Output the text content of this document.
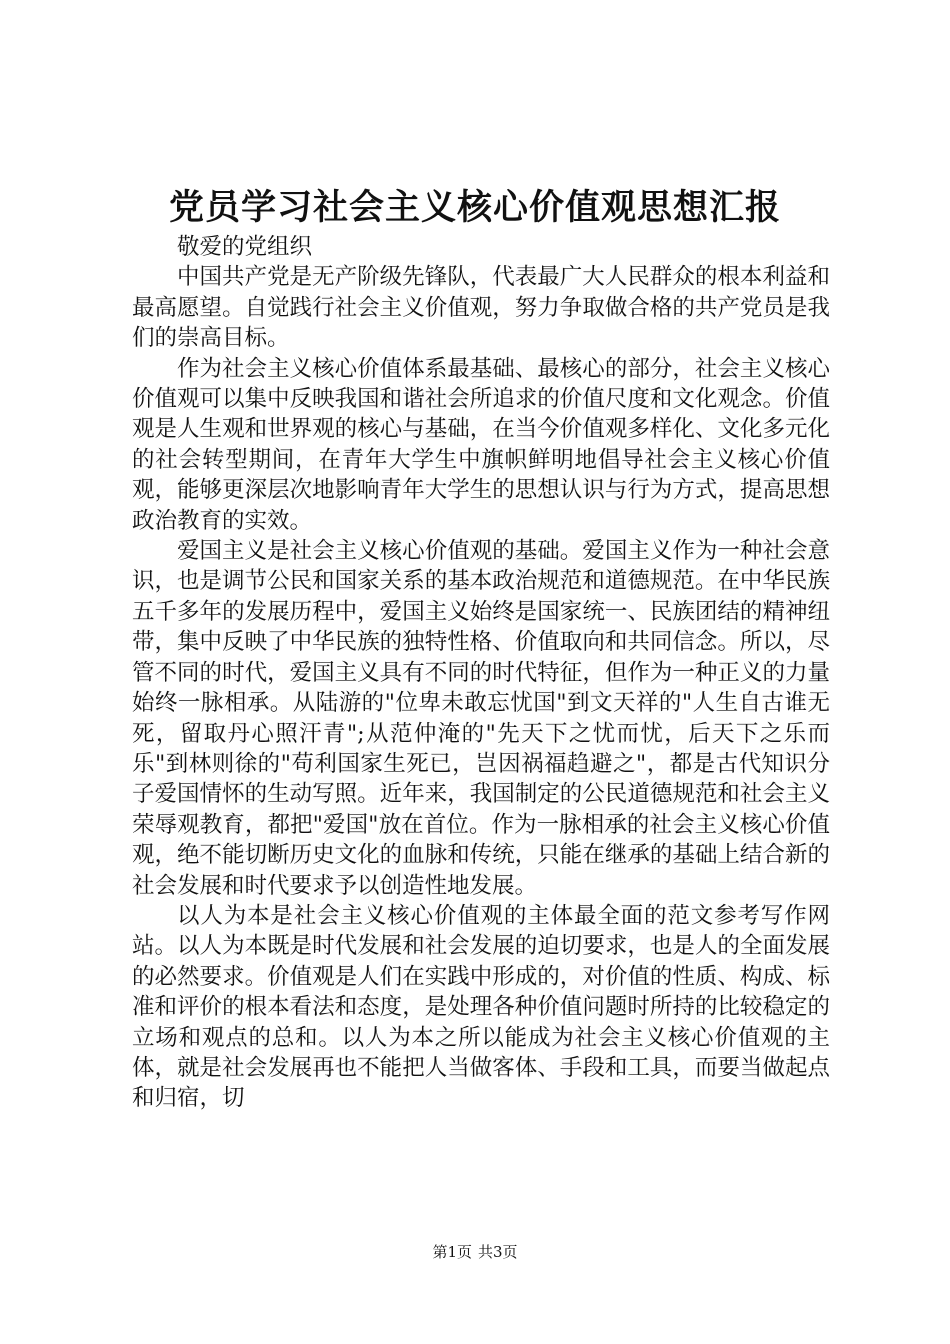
党员学习社会主义核心价值观思想汇报

敬爱的党组织

中国共产党是无产阶级先锋队，代表最广大人民群众的根本利益和最高愿望。自觉践行社会主义价值观，努力争取做合格的共产党员是我们的崇高目标。

作为社会主义核心价值体系最基础、最核心的部分，社会主义核心价值观可以集中反映我国和谐社会所追求的价值尺度和文化观念。价值观是人生观和世界观的核心与基础，在当今价值观多样化、文化多元化的社会转型期间，在青年大学生中旗帜鲜明地倡导社会主义核心价值观，能够更深层次地影响青年大学生的思想认识与行为方式，提高思想政治教育的实效。

爱国主义是社会主义核心价值观的基础。爱国主义作为一种社会意识，也是调节公民和国家关系的基本政治规范和道德规范。在中华民族五千多年的发展历程中，爱国主义始终是国家统一、民族团结的精神纽带，集中反映了中华民族的独特性格、价值取向和共同信念。所以，尽管不同的时代，爱国主义具有不同的时代特征，但作为一种正义的力量始终一脉相承。从陆游的"位卑未敢忘忧国"到文天祥的"人生自古谁无死，留取丹心照汗青";从范仲淹的"先天下之忧而忧，后天下之乐而乐"到林则徐的"苟利国家生死已，岂因祸福趋避之"，都是古代知识分子爱国情怀的生动写照。近年来，我国制定的公民道德规范和社会主义荣辱观教育，都把"爱国"放在首位。作为一脉相承的社会主义核心价值观，绝不能切断历史文化的血脉和传统，只能在继承的基础上结合新的社会发展和时代要求予以创造性地发展。

以人为本是社会主义核心价值观的主体最全面的范文参考写作网站。以人为本既是时代发展和社会发展的迫切要求，也是人的全面发展的必然要求。价值观是人们在实践中形成的，对价值的性质、构成、标准和评价的根本看法和态度，是处理各种价值问题时所持的比较稳定的立场和观点的总和。以人为本之所以能成为社会主义核心价值观的主体，就是社会发展再也不能把人当做客体、手段和工具，而要当做起点和归宿，切

第1页 共3页
